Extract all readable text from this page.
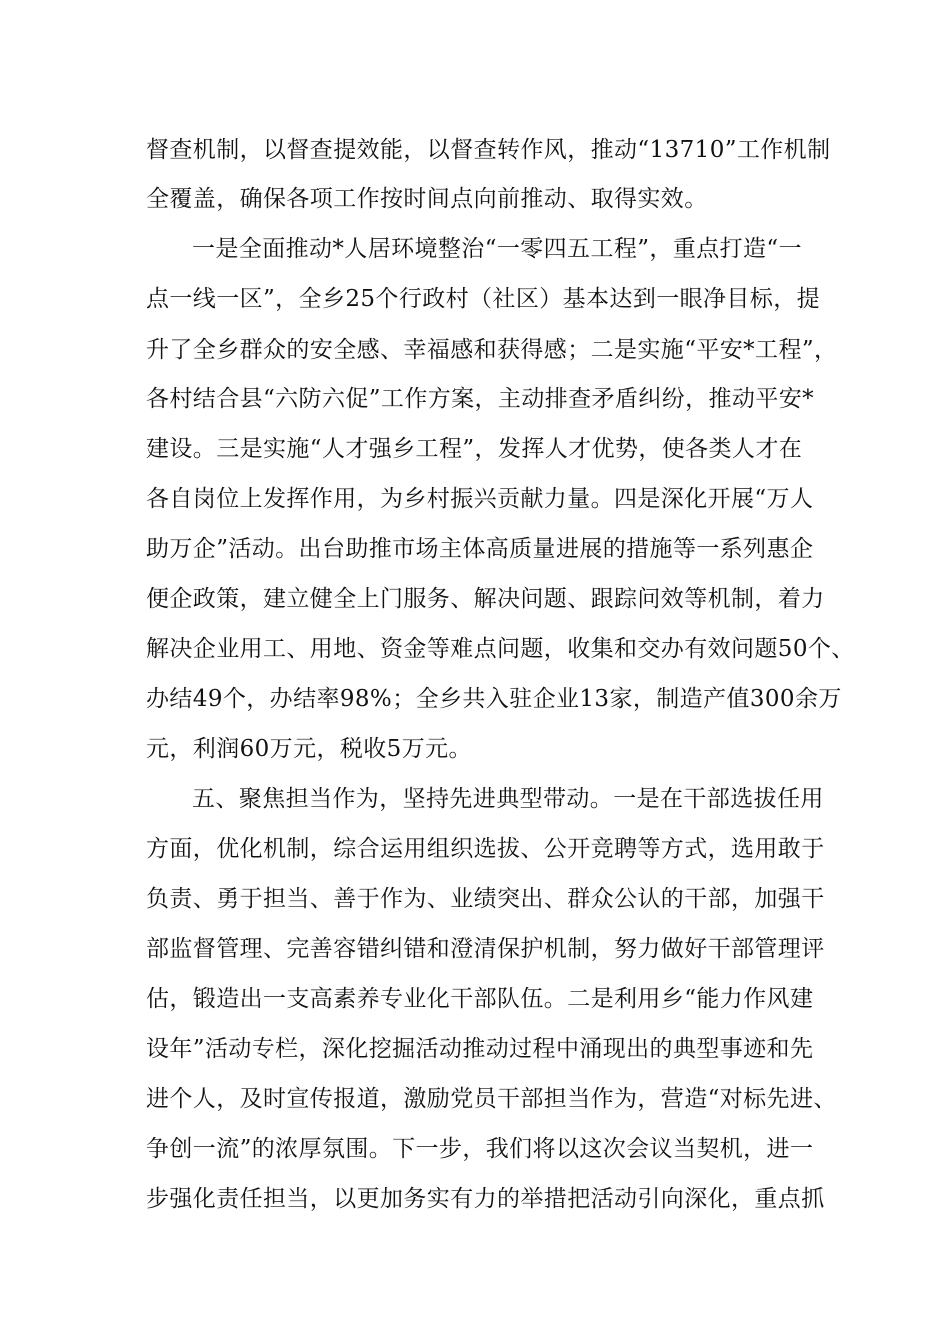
督查机制，以督查提效能，以督查转作风，推动“13710”工作机制
全覆盖，确保各项工作按时间点向前推动、取得实效。
一是全面推动*人居环境整治“一零四五工程”，重点打造“一
点一线一区”，全乡25个行政村（社区）基本达到一眼净目标，提
升了全乡群众的安全感、幸福感和获得感；二是实施“平安*工程”，
各村结合县“六防六促”工作方案，主动排查矛盾纠纷，推动平安*
建设。三是实施“人才强乡工程”，发挥人才优势，使各类人才在
各自岗位上发挥作用，为乡村振兴贡献力量。四是深化开展“万人
助万企”活动。出台助推市场主体高质量进展的措施等一系列惠企
便企政策，建立健全上门服务、解决问题、跟踪问效等机制，着力
解决企业用工、用地、资金等难点问题，收集和交办有效问题50个、
办结49个，办结率98%；全乡共入驻企业13家，制造产值300余万
元，利润60万元，税收5万元。
五、聚焦担当作为，坚持先进典型带动。一是在干部选拔任用
方面，优化机制，综合运用组织选拔、公开竞聘等方式，选用敢于
负责、勇于担当、善于作为、业绩突出、群众公认的干部，加强干
部监督管理、完善容错纠错和澄清保护机制，努力做好干部管理评
估，锻造出一支高素养专业化干部队伍。二是利用乡“能力作风建
设年”活动专栏，深化挖掘活动推动过程中涌现出的典型事迹和先
进个人，及时宣传报道，激励党员干部担当作为，营造“对标先进、
争创一流”的浓厚氛围。下一步，我们将以这次会议当契机，进一
步强化责任担当，以更加务实有力的举措把活动引向深化，重点抓
